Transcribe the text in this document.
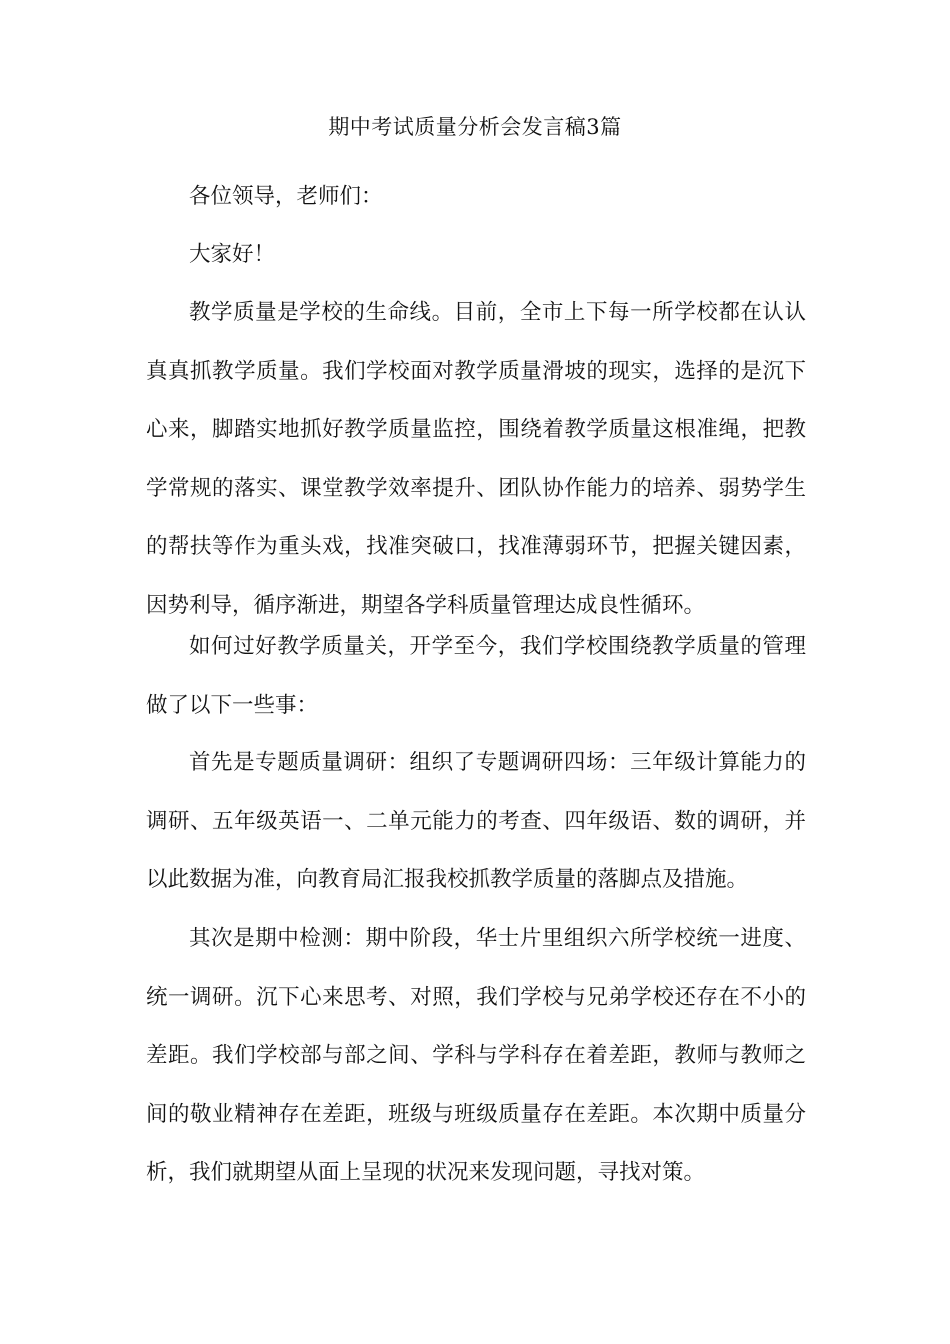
期中考试质量分析会发言稿3篇

各位领导，老师们：

大家好！

教学质量是学校的生命线。目前，全市上下每一所学校都在认认
真真抓教学质量。我们学校面对教学质量滑坡的现实，选择的是沉下
心来，脚踏实地抓好教学质量监控，围绕着教学质量这根准绳，把教
学常规的落实、课堂教学效率提升、团队协作能力的培养、弱势学生
的帮扶等作为重头戏，找准突破口，找准薄弱环节，把握关键因素，
因势利导，循序渐进，期望各学科质量管理达成良性循环。

如何过好教学质量关，开学至今，我们学校围绕教学质量的管理
做了以下一些事：

首先是专题质量调研：组织了专题调研四场：三年级计算能力的
调研、五年级英语一、二单元能力的考查、四年级语、数的调研，并
以此数据为准，向教育局汇报我校抓教学质量的落脚点及措施。

其次是期中检测：期中阶段，华士片里组织六所学校统一进度、
统一调研。沉下心来思考、对照，我们学校与兄弟学校还存在不小的
差距。我们学校部与部之间、学科与学科存在着差距，教师与教师之
间的敬业精神存在差距，班级与班级质量存在差距。本次期中质量分
析，我们就期望从面上呈现的状况来发现问题，寻找对策。
